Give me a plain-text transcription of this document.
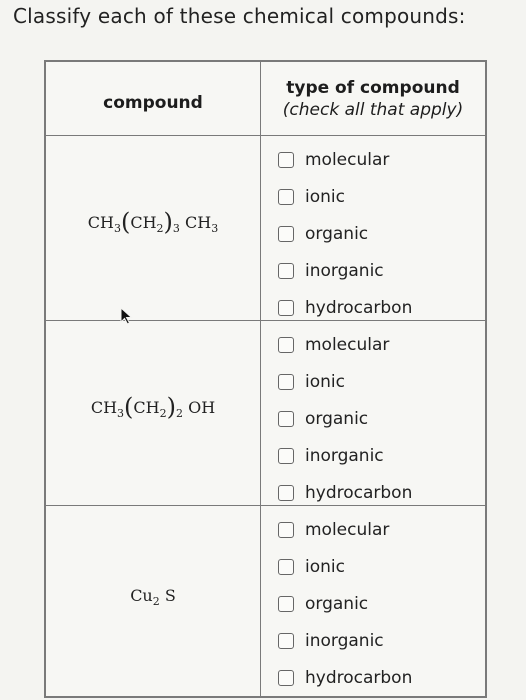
Classify each of these chemical compounds:
compound
type of compound
(check all that apply)
$CH_3(CH_2)_3$ $CH_3$
molecular
ionic
organic
inorganic
hydrocarbon
$CH_3(CH_2)_2$ OH
molecular
ionic
organic
inorganic
hydrocarbon
$Cu_2$ S
molecular
ionic
organic
inorganic
hydrocarbon
